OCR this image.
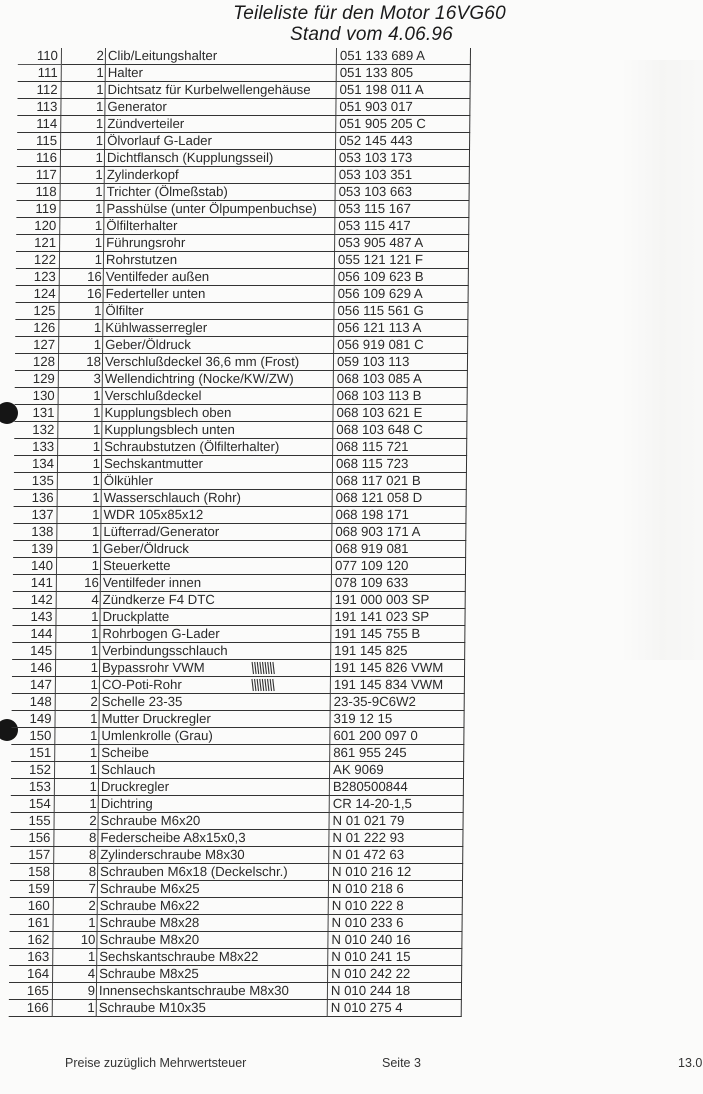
Teileliste für den Motor 16VG60
Stand vom 4.06.96
110	2	Clib/Leitungshalter	051 133 689 A
111	1	Halter	051 133 805
112	1	Dichtsatz für Kurbelwellengehäuse	051 198 011 A
113	1	Generator	051 903 017
114	1	Zündverteiler	051 905 205 C
115	1	Ölvorlauf G-Lader	052 145 443
116	1	Dichtflansch (Kupplungsseil)	053 103 173
117	1	Zylinderkopf	053 103 351
118	1	Trichter (Ölmeßstab)	053 103 663
119	1	Passhülse (unter Ölpumpenbuchse)	053 115 167
120	1	Ölfilterhalter	053 115 417
121	1	Führungsrohr	053 905 487 A
122	1	Rohrstutzen	055 121 121 F
123	16	Ventilfeder außen	056 109 623 B
124	16	Federteller unten	056 109 629 A
125	1	Ölfilter	056 115 561 G
126	1	Kühlwasserregler	056 121 113 A
127	1	Geber/Öldruck	056 919 081 C
128	18	Verschlußdeckel 36,6 mm (Frost)	059 103 113
129	3	Wellendichtring (Nocke/KW/ZW)	068 103 085 A
130	1	Verschlußdeckel	068 103 113 B
131	1	Kupplungsblech oben	068 103 621 E
132	1	Kupplungsblech unten	068 103 648 C
133	1	Schraubstutzen (Ölfilterhalter)	068 115 721
134	1	Sechskantmutter	068 115 723
135	1	Ölkühler	068 117 021 B
136	1	Wasserschlauch (Rohr)	068 121 058 D
137	1	WDR 105x85x12	068 198 171
138	1	Lüfterrad/Generator	068 903 171 A
139	1	Geber/Öldruck	068 919 081
140	1	Steuerkette	077 109 120
141	16	Ventilfeder innen	078 109 633
142	4	Zündkerze F4 DTC	191 000 003 SP
143	1	Druckplatte	191 141 023 SP
144	1	Rohrbogen G-Lader	191 145 755 B
145	1	Verbindungsschlauch	191 145 825
146	1	Bypassrohr VWM	191 145 826 VWM
147	1	CO-Poti-Rohr	191 145 834 VWM
148	2	Schelle 23-35	23-35-9C6W2
149	1	Mutter Druckregler	319 12 15
150	1	Umlenkrolle (Grau)	601 200 097 0
151	1	Scheibe	861 955 245
152	1	Schlauch	AK 9069
153	1	Druckregler	B280500844
154	1	Dichtring	CR 14-20-1,5
155	2	Schraube M6x20	N 01 021 79
156	8	Federscheibe A8x15x0,3	N 01 222 93
157	8	Zylinderschraube M8x30	N 01 472 63
158	8	Schrauben M6x18 (Deckelschr.)	N 010 216 12
159	7	Schraube M6x25	N 010 218 6
160	2	Schraube M6x22	N 010 222 8
161	1	Schraube M8x28	N 010 233 6
162	10	Schraube M8x20	N 010 240 16
163	1	Sechskantschraube M8x22	N 010 241 15
164	4	Schraube M8x25	N 010 242 22
165	9	Innensechskantschraube M8x30	N 010 244 18
166	1	Schraube M10x35	N 010 275 4
Preise zuzüglich Mehrwertsteuer	Seite 3	13.0
